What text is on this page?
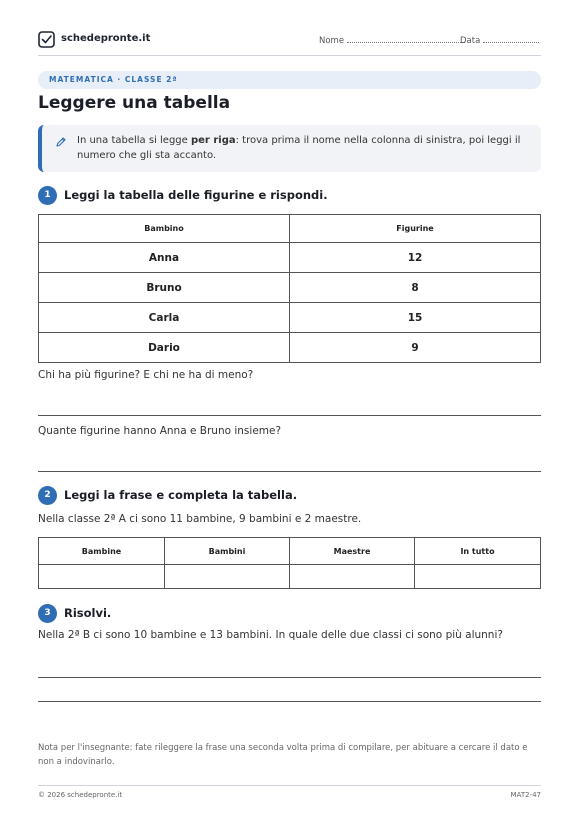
schedepronte.it	Nome	Data
MATEMATICA · CLASSE 2ª
Leggere una tabella
In una tabella si legge per riga: trova prima il nome nella colonna di sinistra, poi leggi il numero che gli sta accanto.
1	Leggi la tabella delle figurine e rispondi.
Bambino	Figurine
Anna	12
Bruno	8
Carla	15
Dario	9
Chi ha più figurine? E chi ne ha di meno?
Quante figurine hanno Anna e Bruno insieme?
2	Leggi la frase e completa la tabella.
Nella classe 2ª A ci sono 11 bambine, 9 bambini e 2 maestre.
Bambine	Bambini	Maestre	In tutto

3	Risolvi.
Nella 2ª B ci sono 10 bambine e 13 bambini. In quale delle due classi ci sono più alunni?
Nota per l'insegnante: fate rileggere la frase una seconda volta prima di compilare, per abituare a cercare il dato e non a indovinarlo.
© 2026 schedepronte.it	MAT2-47
